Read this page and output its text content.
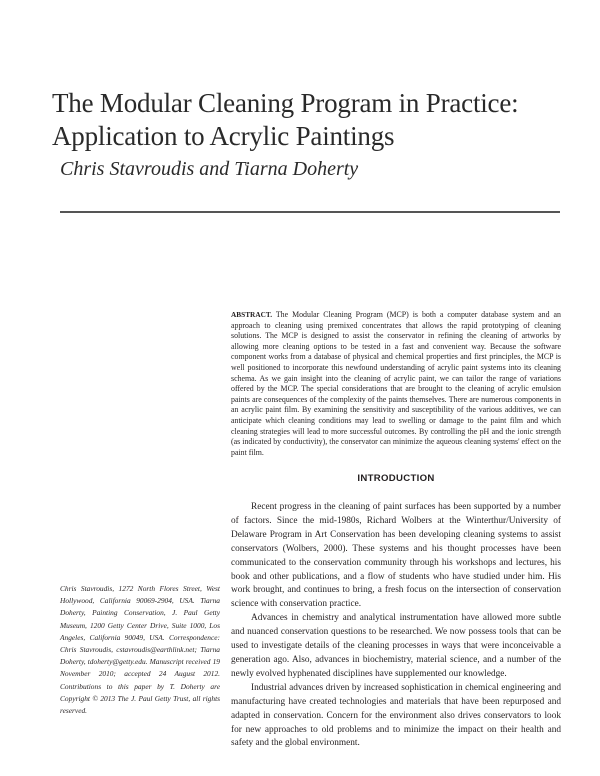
The Modular Cleaning Program in Practice: Application to Acrylic Paintings
Chris Stavroudis and Tiarna Doherty

ABSTRACT. The Modular Cleaning Program (MCP) is both a computer database system and an approach to cleaning using premixed concentrates that allows the rapid prototyping of cleaning solutions. The MCP is designed to assist the conservator in refining the cleaning of artworks by allowing more cleaning options to be tested in a fast and convenient way. Because the software component works from a database of physical and chemical properties and first principles, the MCP is well positioned to incorporate this newfound understanding of acrylic paint systems into its cleaning schema. As we gain insight into the cleaning of acrylic paint, we can tailor the range of variations offered by the MCP. The special considerations that are brought to the cleaning of acrylic emulsion paints are consequences of the complexity of the paints themselves. There are numerous components in an acrylic paint film. By examining the sensitivity and susceptibility of the various additives, we can anticipate which cleaning conditions may lead to swelling or damage to the paint film and which cleaning strategies will lead to more successful outcomes. By controlling the pH and the ionic strength (as indicated by conductivity), the conservator can minimize the aqueous cleaning systems' effect on the paint film.

INTRODUCTION

Recent progress in the cleaning of paint surfaces has been supported by a number of factors. Since the mid-1980s, Richard Wolbers at the Winterthur/University of Delaware Program in Art Conservation has been developing cleaning systems to assist conservators (Wolbers, 2000). These systems and his thought processes have been communicated to the conservation community through his workshops and lectures, his book and other publications, and a flow of students who have studied under him. His work brought, and continues to bring, a fresh focus on the intersection of conservation science with conservation practice.

Advances in chemistry and analytical instrumentation have allowed more subtle and nuanced conservation questions to be researched. We now possess tools that can be used to investigate details of the cleaning processes in ways that were inconceivable a generation ago. Also, advances in biochemistry, material science, and a number of the newly evolved hyphenated disciplines have supplemented our knowledge.

Industrial advances driven by increased sophistication in chemical engineering and manufacturing have created technologies and materials that have been repurposed and adapted in conservation. Concern for the environment also drives conservators to look for new approaches to old problems and to minimize the impact on their health and safety and the global environment.

Chris Stavroudis, 1272 North Flores Street, West Hollywood, California 90069-2904, USA. Tiarna Doherty, Painting Conservation, J. Paul Getty Museum, 1200 Getty Center Drive, Suite 1000, Los Angeles, California 90049, USA. Correspondence: Chris Stavroudis, cstavroudis@earthlink.net; Tiarna Doherty, tdoherty@getty.edu. Manuscript received 19 November 2010; accepted 24 August 2012. Contributions to this paper by T. Doherty are Copyright © 2013 The J. Paul Getty Trust, all rights reserved.
